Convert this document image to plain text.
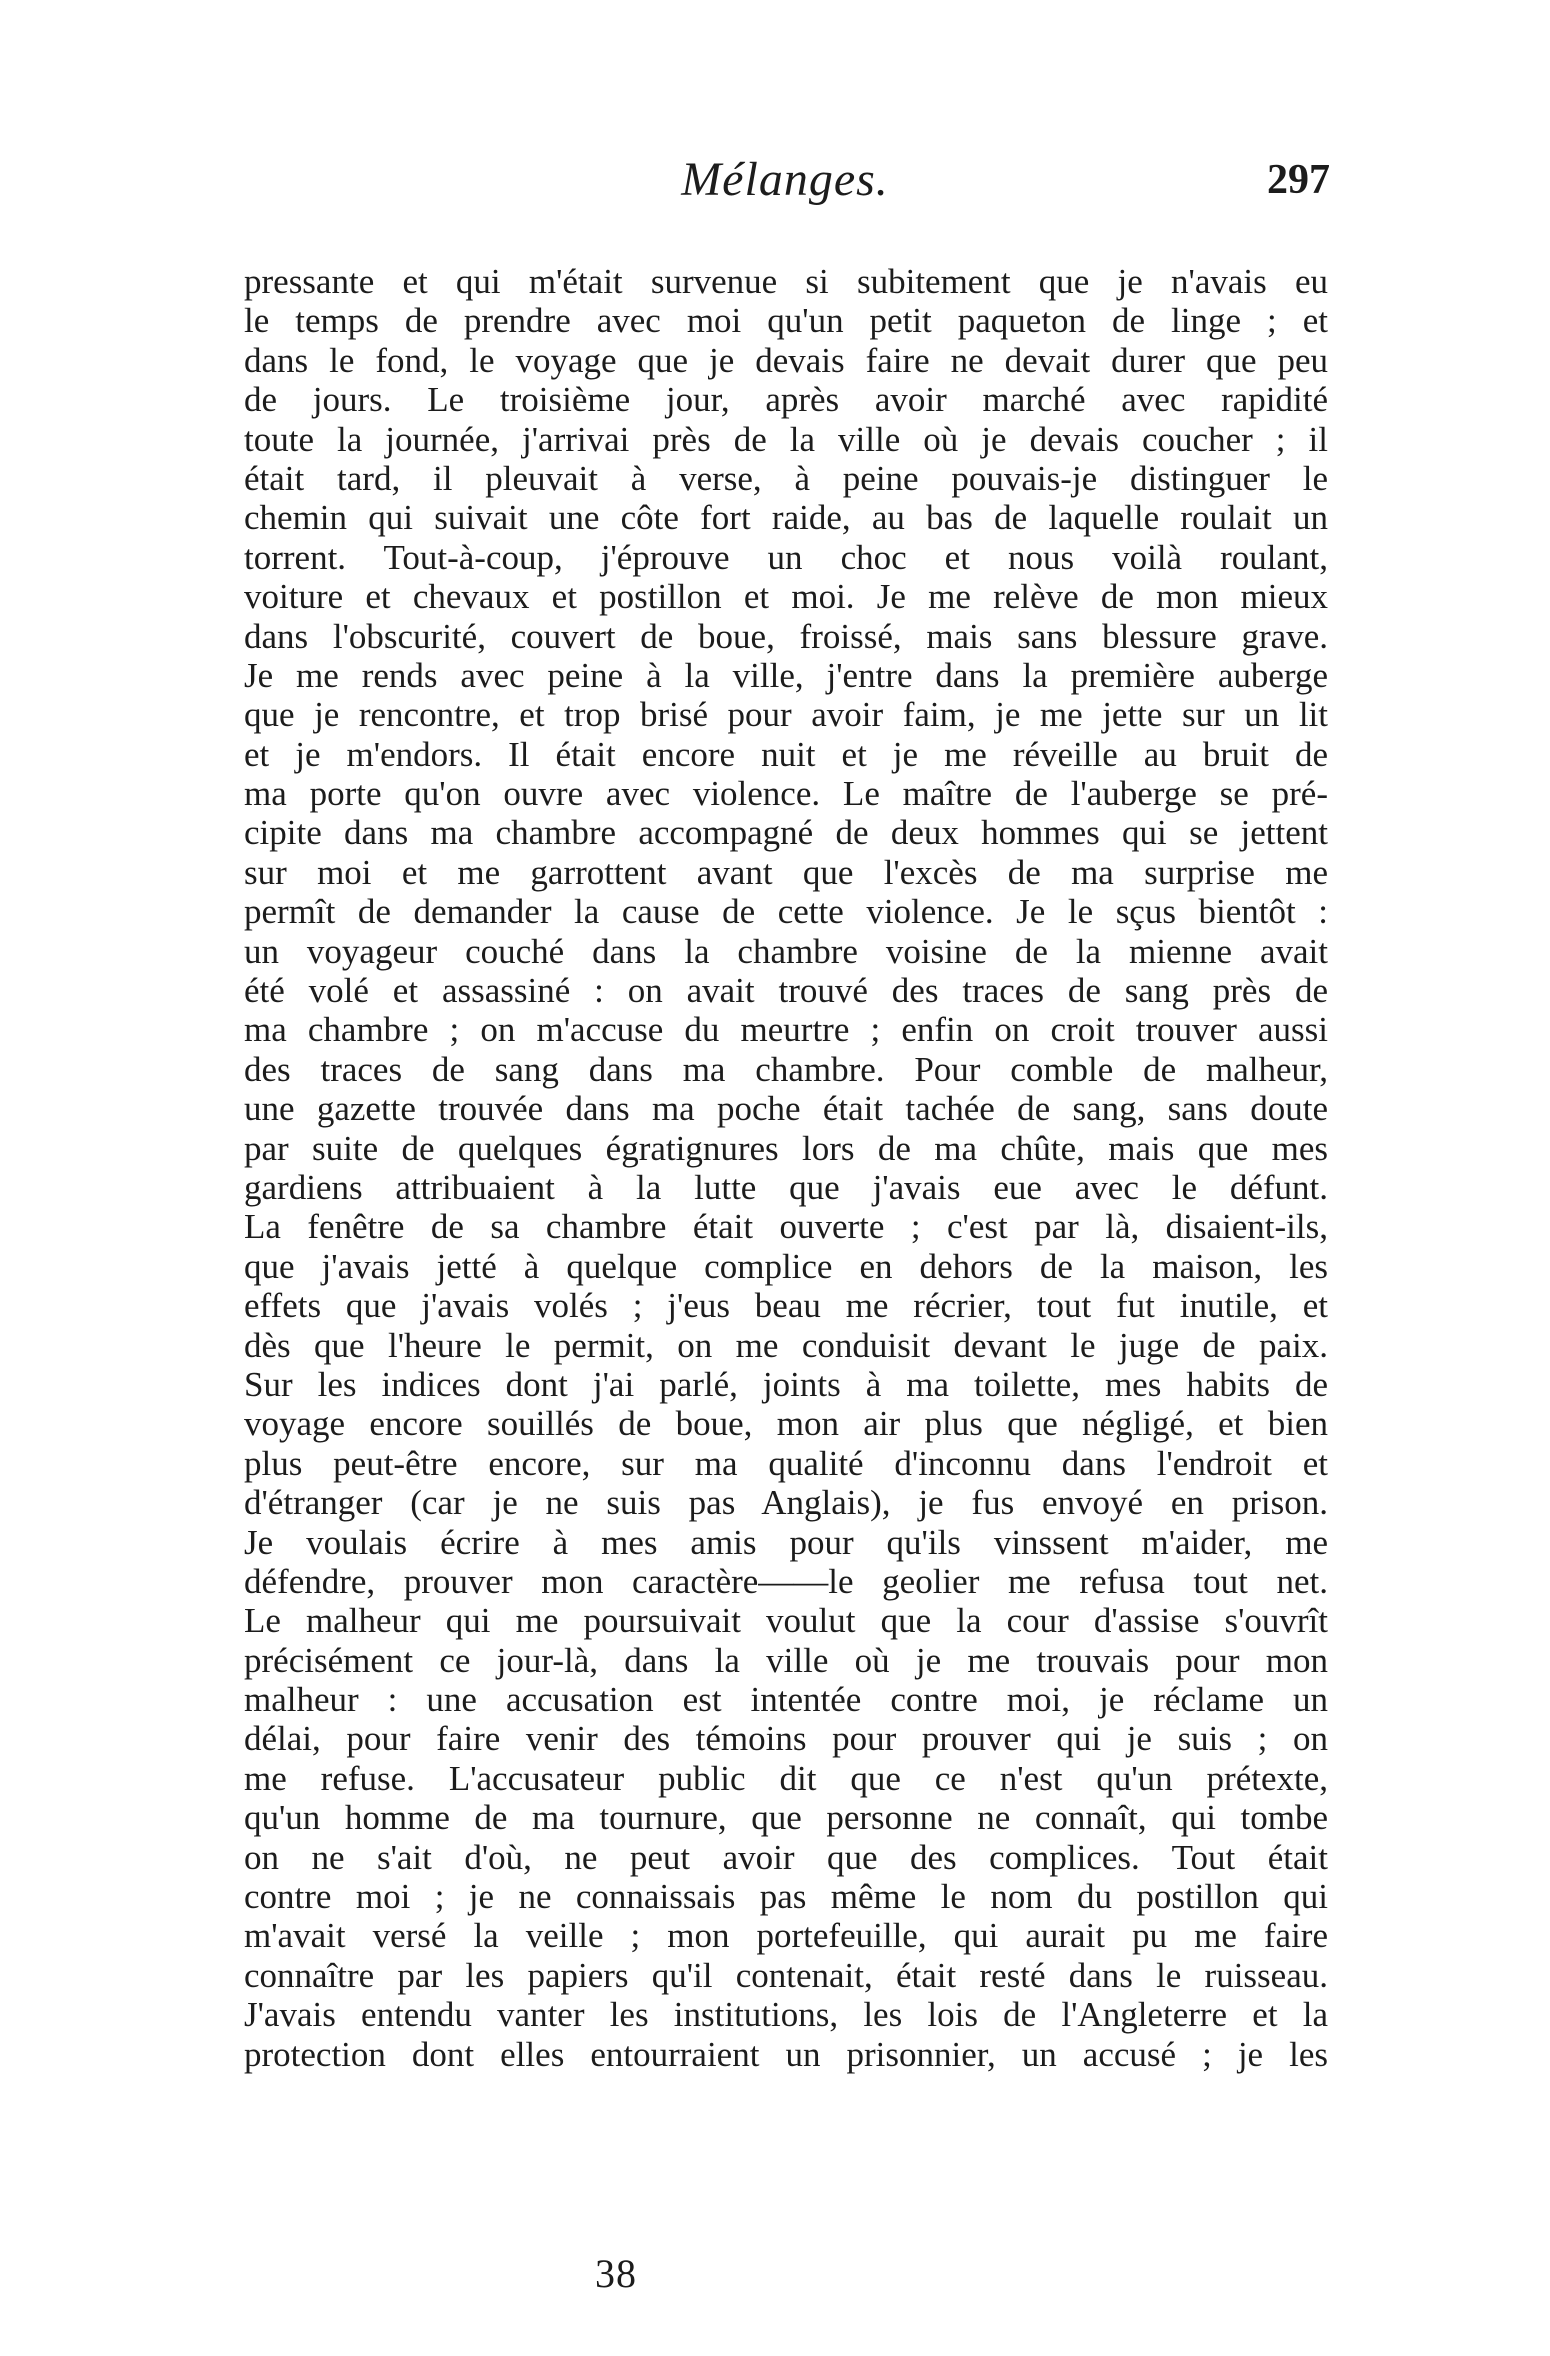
Mélanges.	297
pressante et qui m'était survenue si subitement que je n'avais eu
le temps de prendre avec moi qu'un petit paqueton de linge ; et
dans le fond, le voyage que je devais faire ne devait durer que peu
de jours. Le troisième jour, après avoir marché avec rapidité
toute la journée, j'arrivai près de la ville où je devais coucher ; il
était tard, il pleuvait à verse, à peine pouvais-je distinguer le
chemin qui suivait une côte fort raide, au bas de laquelle roulait un
torrent. Tout-à-coup, j'éprouve un choc et nous voilà roulant,
voiture et chevaux et postillon et moi. Je me relève de mon mieux
dans l'obscurité, couvert de boue, froissé, mais sans blessure grave.
Je me rends avec peine à la ville, j'entre dans la première auberge
que je rencontre, et trop brisé pour avoir faim, je me jette sur un lit
et je m'endors. Il était encore nuit et je me réveille au bruit de
ma porte qu'on ouvre avec violence. Le maître de l'auberge se pré-
cipite dans ma chambre accompagné de deux hommes qui se jettent
sur moi et me garrottent avant que l'excès de ma surprise me
permît de demander la cause de cette violence. Je le sçus bientôt :
un voyageur couché dans la chambre voisine de la mienne avait
été volé et assassiné : on avait trouvé des traces de sang près de
ma chambre ; on m'accuse du meurtre ; enfin on croit trouver aussi
des traces de sang dans ma chambre. Pour comble de malheur,
une gazette trouvée dans ma poche était tachée de sang, sans doute
par suite de quelques égratignures lors de ma chûte, mais que mes
gardiens attribuaient à la lutte que j'avais eue avec le défunt.
La fenêtre de sa chambre était ouverte ; c'est par là, disaient-ils,
que j'avais jetté à quelque complice en dehors de la maison, les
effets que j'avais volés ; j'eus beau me récrier, tout fut inutile, et
dès que l'heure le permit, on me conduisit devant le juge de paix.
Sur les indices dont j'ai parlé, joints à ma toilette, mes habits de
voyage encore souillés de boue, mon air plus que négligé, et bien
plus peut-être encore, sur ma qualité d'inconnu dans l'endroit et
d'étranger (car je ne suis pas Anglais), je fus envoyé en prison.
Je voulais écrire à mes amis pour qu'ils vinssent m'aider, me
défendre, prouver mon caractère——le geolier me refusa tout net.
Le malheur qui me poursuivait voulut que la cour d'assise s'ouvrît
précisément ce jour-là, dans la ville où je me trouvais pour mon
malheur : une accusation est intentée contre moi, je réclame un
délai, pour faire venir des témoins pour prouver qui je suis ; on
me refuse. L'accusateur public dit que ce n'est qu'un prétexte,
qu'un homme de ma tournure, que personne ne connaît, qui tombe
on ne s'ait d'où, ne peut avoir que des complices. Tout était
contre moi ; je ne connaissais pas même le nom du postillon qui
m'avait versé la veille ; mon portefeuille, qui aurait pu me faire
connaître par les papiers qu'il contenait, était resté dans le ruisseau.
J'avais entendu vanter les institutions, les lois de l'Angleterre et la
protection dont elles entourraient un prisonnier, un accusé ; je les
38
